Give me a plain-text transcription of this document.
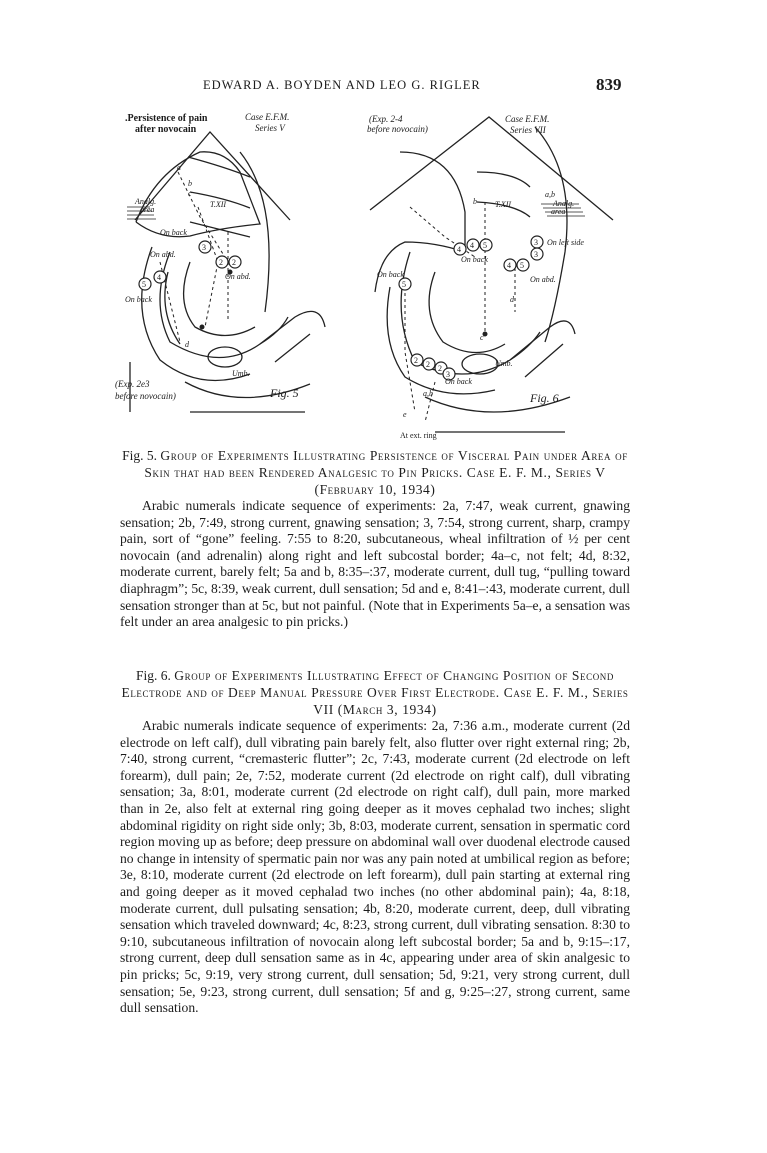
EDWARD A. BOYDEN AND LEO G. RIGLER	839
.Persistence of pain
after novocain
Case E.F.M.
Series V
Analg.
area
T.XII
On back
On abd.
On abd.
On back
Umb.
a
b
c
d
2 2
3
4
5
(Exp. 2e3
before novocain)	Fig. 5
(Exp. 2-4
before novocain)
Case E.F.M.
Series VII
Analg.
area
T.XII
On back
On left side
On back
On abd.
On back
Umb.
At ext. ring
a,b
b
c
d
e
a,b
4 4 5
4 5
3
3
5
2 2 2
3
Fig. 6
Fig. 5. Group of Experiments Illustrating Persistence of Visceral Pain under Area of Skin that had been Rendered Analgesic to Pin Pricks. Case E. F. M., Series V (February 10, 1934)
Arabic numerals indicate sequence of experiments: 2a, 7:47, weak current, gnawing sensation; 2b, 7:49, strong current, gnawing sensation; 3, 7:54, strong current, sharp, crampy pain, sort of “gone” feeling. 7:55 to 8:20, subcutaneous, wheal infiltration of ½ per cent novocain (and adrenalin) along right and left subcostal border; 4a–c, not felt; 4d, 8:32, moderate current, barely felt; 5a and b, 8:35–:37, moderate current, dull tug, “pulling toward diaphragm”; 5c, 8:39, weak current, dull sensation; 5d and e, 8:41–:43, moderate current, dull sensation stronger than at 5c, but not painful. (Note that in Experiments 5a–e, a sensation was felt under an area analgesic to pin pricks.)
Fig. 6. Group of Experiments Illustrating Effect of Changing Position of Second Electrode and of Deep Manual Pressure Over First Electrode. Case E. F. M., Series VII (March 3, 1934)
Arabic numerals indicate sequence of experiments: 2a, 7:36 a.m., moderate current (2d electrode on left calf), dull vibrating pain barely felt, also flutter over right external ring; 2b, 7:40, strong current, “cremasteric flutter”; 2c, 7:43, moderate current (2d electrode on left forearm), dull pain; 2e, 7:52, moderate current (2d electrode on right calf), dull vibrating sensation; 3a, 8:01, moderate current (2d electrode on right calf), dull pain, more marked than in 2e, also felt at external ring going deeper as it moves cephalad two inches; slight abdominal rigidity on right side only; 3b, 8:03, moderate current, sensation in spermatic cord region moving up as before; deep pressure on abdominal wall over duodenal electrode caused no change in intensity of spermatic pain nor was any pain noted at umbilical region as before; 3e, 8:10, moderate current (2d electrode on left forearm), dull pain starting at external ring and going deeper as it moved cephalad two inches (no other abdominal pain); 4a, 8:18, moderate current, dull pulsating sensation; 4b, 8:20, moderate current, deep, dull vibrating sensation which traveled downward; 4c, 8:23, strong current, dull vibrating sensation. 8:30 to 9:10, subcutaneous infiltration of novocain along left subcostal border; 5a and b, 9:15–:17, strong current, deep dull sensation same as in 4c, appearing under area of skin analgesic to pin pricks; 5c, 9:19, very strong current, dull sensation; 5d, 9:21, very strong current, dull sensation; 5e, 9:23, strong current, dull sensation; 5f and g, 9:25–:27, strong current, same dull sensation.
